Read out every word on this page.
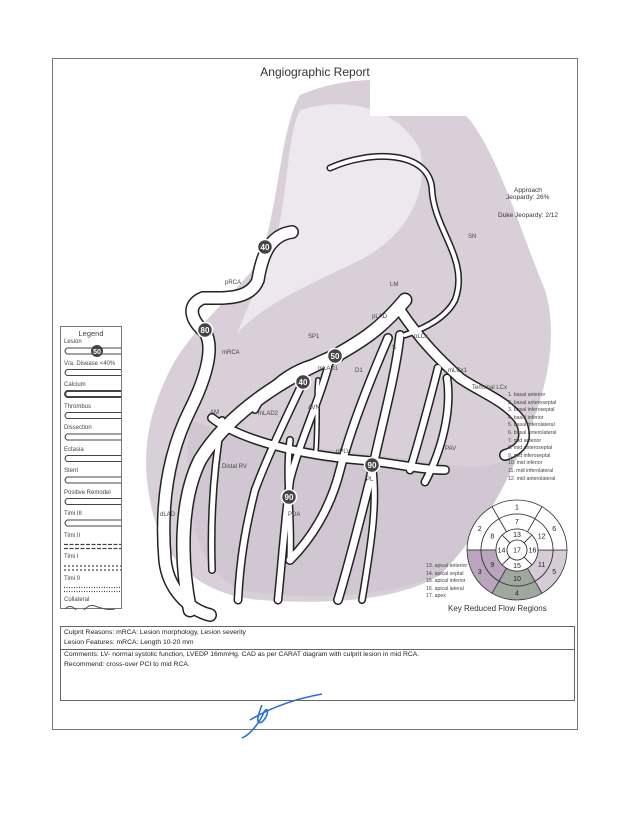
Angiographic Report
40
80
50
40
90
90
1
2
3
4
5
6
7
8
9
10
11
12
13
14
15
16
17
pRCA
mRCA
AM
Distal RV
dLAD
SP1
pLAD
mLAD1
mLAD2
LM
SN
pLCx
mLCx1
Terminal LCx
AVN
PAV
pPLV
PL
PDA
D1
S
Approach
Jeopardy: 26%
Duke Jeopardy: 2/12
Legend
50
Lesion
V/a. Disease <40%
Calcium
Thrombus
Dissection
Ectasia
Stent
Positive Remodel
Timi III
Timi II
Timi I
Timi 0
Collateral
1. basal anterior
2. basal anteroseptal
3. basal inferoseptal
4. basal inferior
5. basal inferolateral
6. basal anterolateral
7. mid anterior
8. mid anteroseptal
9. mid inferoseptal
10. mid inferior
11. mid inferolateral
12. mid anterolateral
13. apical anterior
14. apical septal
15. apical inferior
16. apical lateral
17. apex
Key Reduced Flow Regions
Culprit Reasons: mRCA: Lesion morphology, Lesion severity
Lesion Features: mRCA: Length 10-20 mm
Comments: LV- normal systolic function, LVEDP 16mmHg. CAD as per CARAT diagram with culprit lesion in mid RCA.
Recommend: cross-over PCI to mid RCA.
